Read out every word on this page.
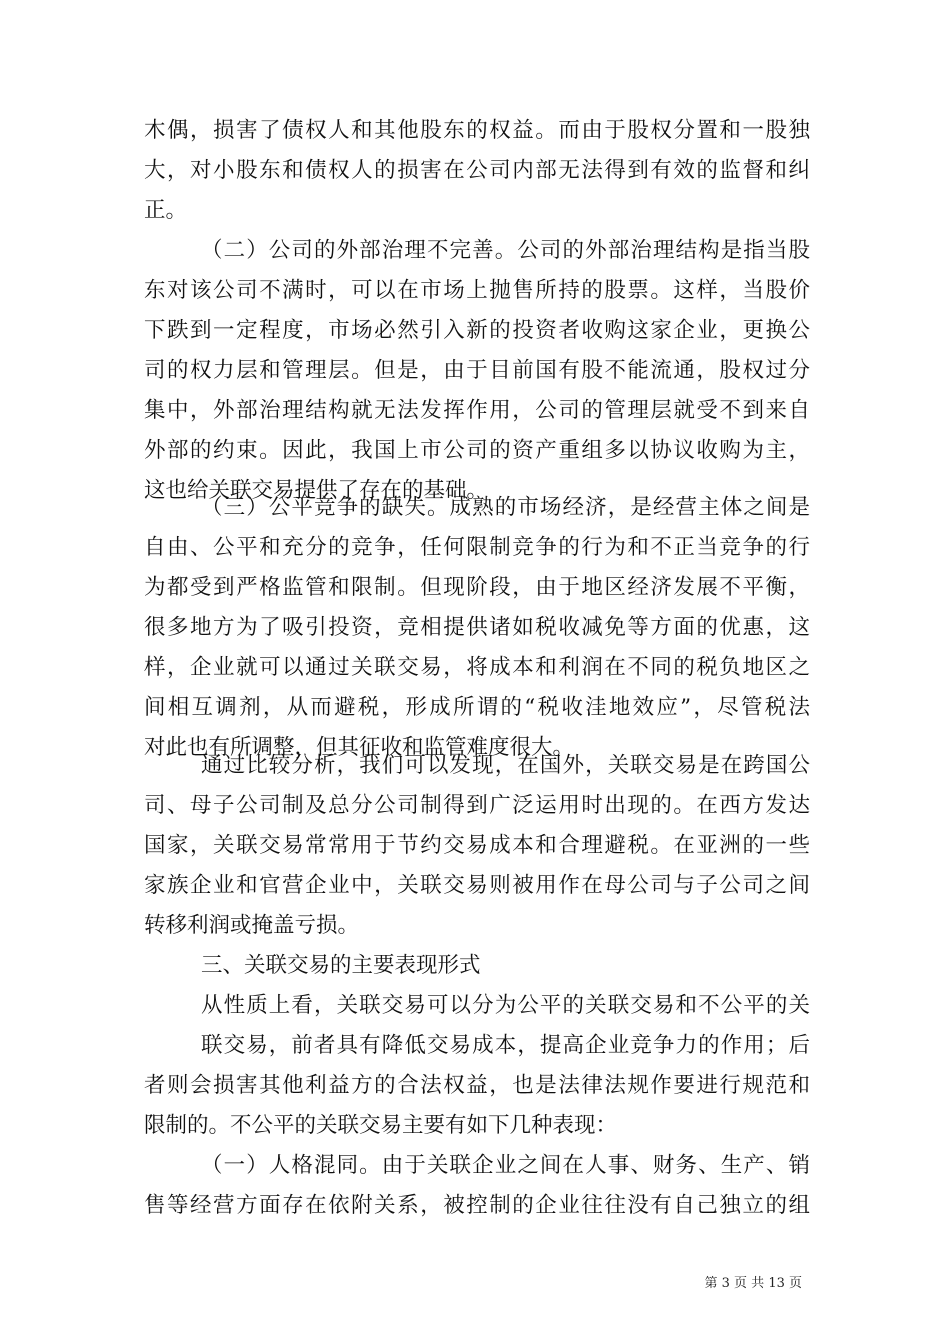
木偶，损害了债权人和其他股东的权益。而由于股权分置和一股独
大，对小股东和债权人的损害在公司内部无法得到有效的监督和纠
正。
（二）公司的外部治理不完善。公司的外部治理结构是指当股
东对该公司不满时，可以在市场上抛售所持的股票。这样，当股价
下跌到一定程度，市场必然引入新的投资者收购这家企业，更换公
司的权力层和管理层。但是，由于目前国有股不能流通，股权过分
集中，外部治理结构就无法发挥作用，公司的管理层就受不到来自
外部的约束。因此，我国上市公司的资产重组多以协议收购为主，
这也给关联交易提供了存在的基础。
（三）公平竞争的缺失。成熟的市场经济，是经营主体之间是
自由、公平和充分的竞争，任何限制竞争的行为和不正当竞争的行
为都受到严格监管和限制。但现阶段，由于地区经济发展不平衡，
很多地方为了吸引投资，竞相提供诸如税收减免等方面的优惠，这
样，企业就可以通过关联交易，将成本和利润在不同的税负地区之
间相互调剂，从而避税，形成所谓的“税收洼地效应”，尽管税法
对此也有所调整，但其征收和监管难度很大。
通过比较分析，我们可以发现，在国外，关联交易是在跨国公
司、母子公司制及总分公司制得到广泛运用时出现的。在西方发达
国家，关联交易常常用于节约交易成本和合理避税。在亚洲的一些
家族企业和官营企业中，关联交易则被用作在母公司与子公司之间
转移利润或掩盖亏损。
三、关联交易的主要表现形式
从性质上看，关联交易可以分为公平的关联交易和不公平的关
联交易，前者具有降低交易成本，提高企业竞争力的作用；后
者则会损害其他利益方的合法权益，也是法律法规作要进行规范和
限制的。不公平的关联交易主要有如下几种表现：
（一）人格混同。由于关联企业之间在人事、财务、生产、销
售等经营方面存在依附关系，被控制的企业往往没有自己独立的组
第 3 页 共 13 页
